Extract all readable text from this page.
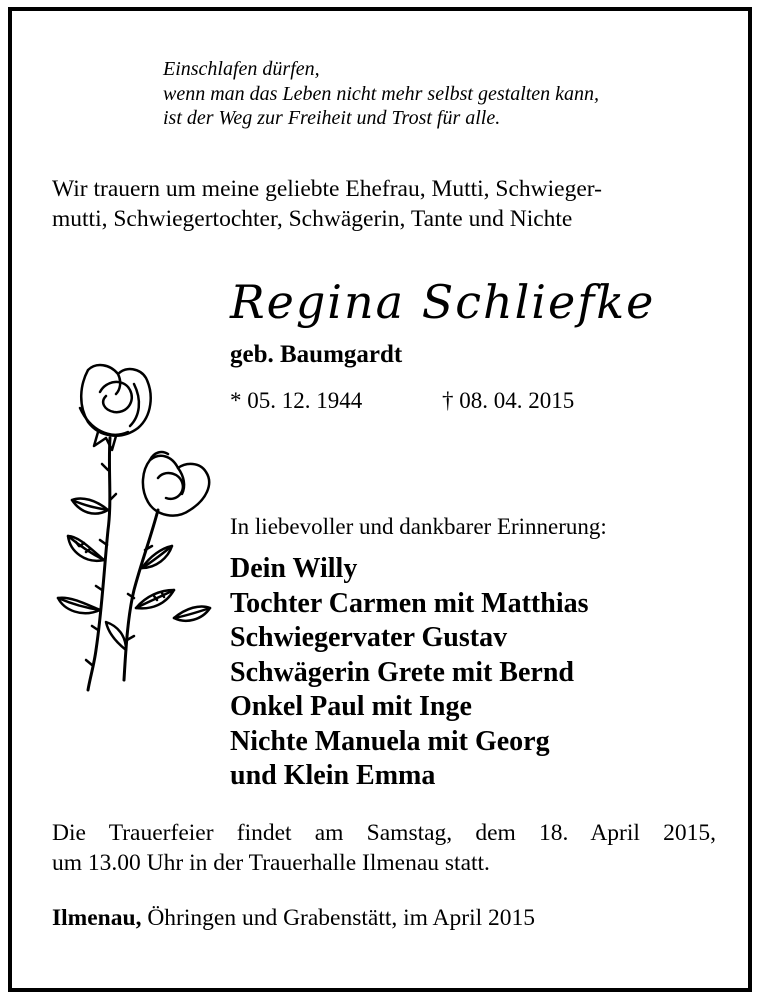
Einschlafen dürfen,
wenn man das Leben nicht mehr selbst gestalten kann,
ist der Weg zur Freiheit und Trost für alle.
Wir trauern um meine geliebte Ehefrau, Mutti, Schwieger-
mutti, Schwiegertochter, Schwägerin, Tante und Nichte
Regina Schliefke
geb. Baumgardt
* 05. 12. 1944	† 08. 04. 2015
In liebevoller und dankbarer Erinnerung:
Dein Willy
Tochter Carmen mit Matthias
Schwiegervater Gustav
Schwägerin Grete mit Bernd
Onkel Paul mit Inge
Nichte Manuela mit Georg
und Klein Emma
Die Trauerfeier findet am Samstag, dem 18. April 2015,
um 13.00 Uhr in der Trauerhalle Ilmenau statt.
Ilmenau, Öhringen und Grabenstätt, im April 2015
